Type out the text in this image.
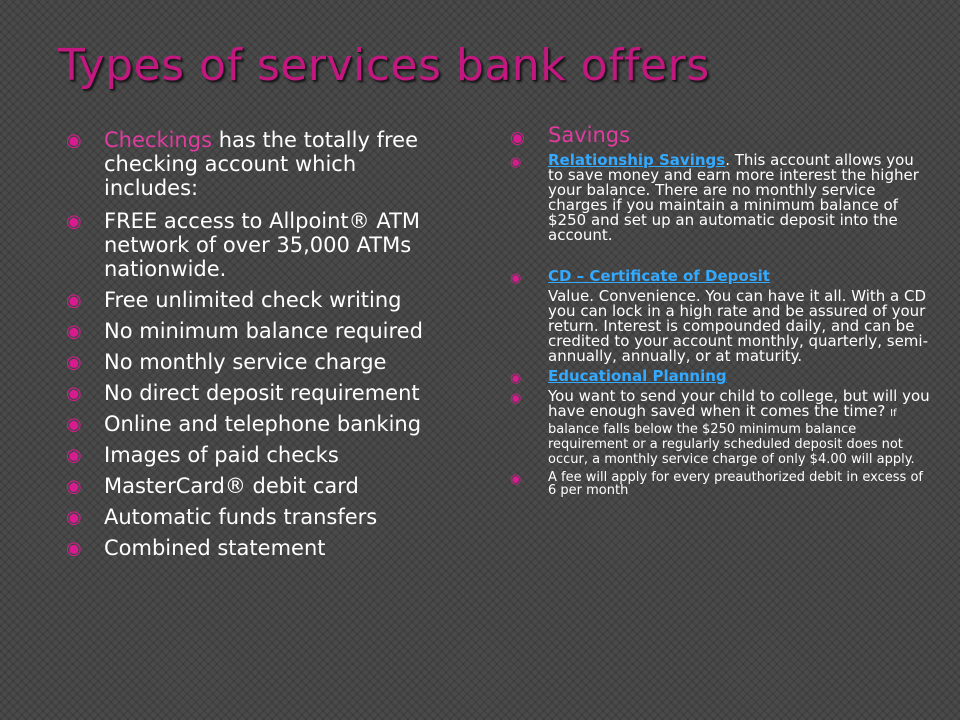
Types of services bank offers
◉ Checkings has the totally free checking account which includes:
◉ FREE access to Allpoint® ATM network of over 35,000 ATMs nationwide.
◉ Free unlimited check writing
◉ No minimum balance required
◉ No monthly service charge
◉ No direct deposit requirement
◉ Online and telephone banking
◉ Images of paid checks
◉ MasterCard® debit card
◉ Automatic funds transfers
◉ Combined statement
◉ Savings
◉ Relationship Savings. This account allows you to save money and earn more interest the higher your balance. There are no monthly service charges if you maintain a minimum balance of $250 and set up an automatic deposit into the account.
◉ CD – Certificate of Deposit

Value. Convenience. You can have it all. With a CD you can lock in a high rate and be assured of your return. Interest is compounded daily, and can be credited to your account monthly, quarterly, semi-annually, annually, or at maturity.

◉ Educational Planning
◉ You want to send your child to college, but will you have enough saved when it comes the time? If balance falls below the $250 minimum balance requirement or a regularly scheduled deposit does not occur, a monthly service charge of only $4.00 will apply.
◉ A fee will apply for every preauthorized debit in excess of 6 per month
